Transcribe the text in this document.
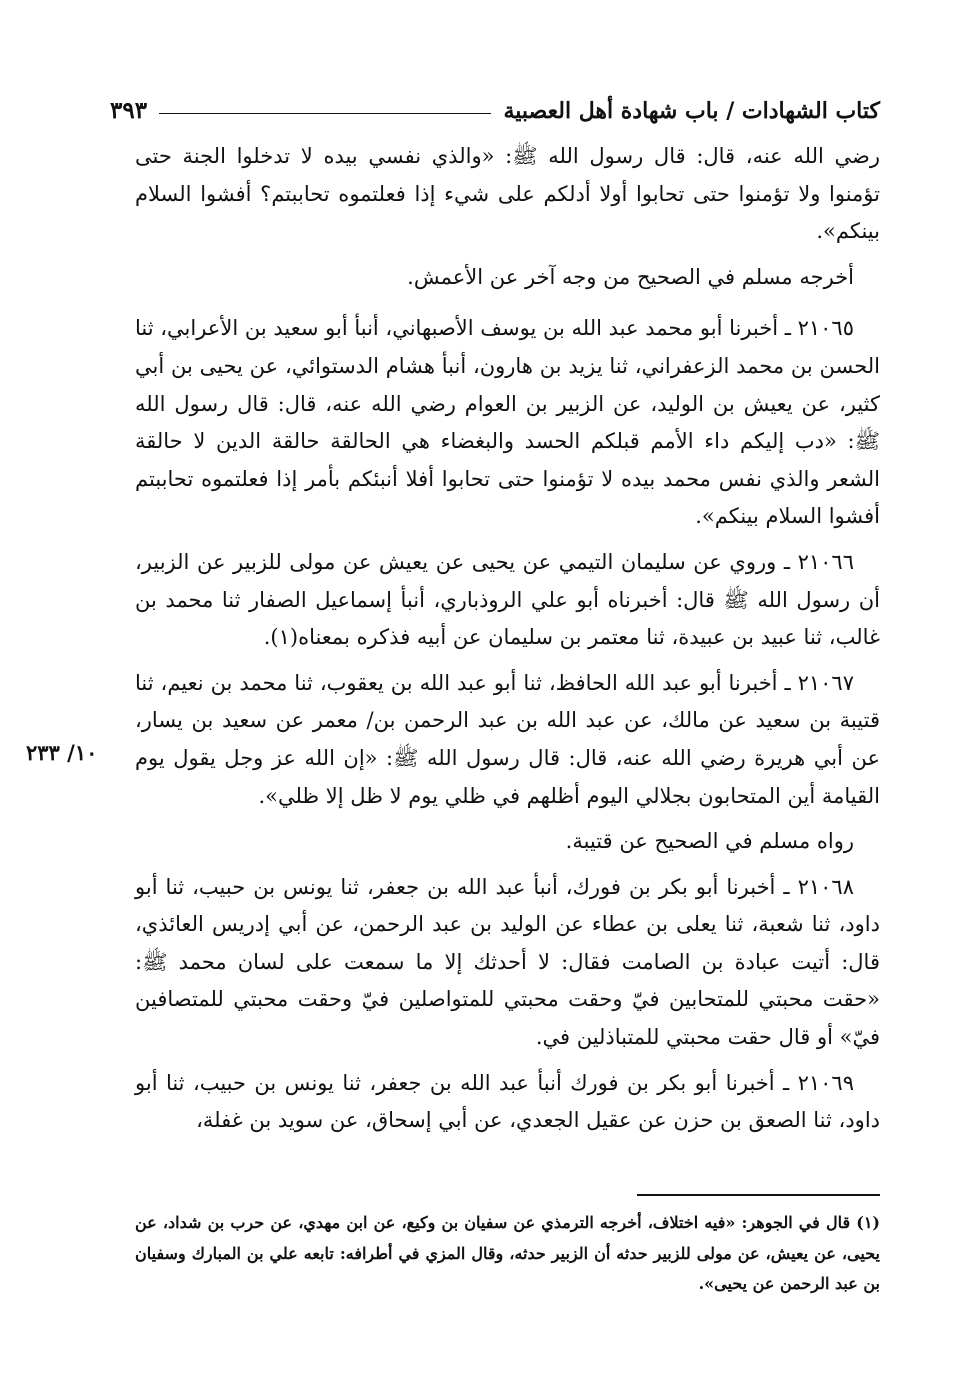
كتاب الشهادات / باب شهادة أهل العصبية
٣٩٣
١٠/ ٢٣٣

رضي الله عنه، قال: قال رسول الله ﷺ: «والذي نفسي بيده لا تدخلوا الجنة حتى تؤمنوا ولا تؤمنوا حتى تحابوا أولا أدلكم على شيء إذا فعلتموه تحاببتم؟ أفشوا السلام بينكم».

أخرجه مسلم في الصحيح من وجه آخر عن الأعمش.

٢١٠٦٥ ـ أخبرنا أبو محمد عبد الله بن يوسف الأصبهاني، أنبأ أبو سعيد بن الأعرابي، ثنا الحسن بن محمد الزعفراني، ثنا يزيد بن هارون، أنبأ هشام الدستوائي، عن يحيى بن أبي كثير، عن يعيش بن الوليد، عن الزبير بن العوام رضي الله عنه، قال: قال رسول الله ﷺ: «دب إليكم داء الأمم قبلكم الحسد والبغضاء هي الحالقة حالقة الدين لا حالقة الشعر والذي نفس محمد بيده لا تؤمنوا حتى تحابوا أفلا أنبئكم بأمر إذا فعلتموه تحاببتم أفشوا السلام بينكم».

٢١٠٦٦ ـ وروي عن سليمان التيمي عن يحيى عن يعيش عن مولى للزبير عن الزبير، أن رسول الله ﷺ قال: أخبرناه أبو علي الروذباري، أنبأ إسماعيل الصفار ثنا محمد بن غالب، ثنا عبيد بن عبيدة، ثنا معتمر بن سليمان عن أبيه فذكره بمعناه(١).

٢١٠٦٧ ـ أخبرنا أبو عبد الله الحافظ، ثنا أبو عبد الله بن يعقوب، ثنا محمد بن نعيم، ثنا قتيبة بن سعيد عن مالك، عن عبد الله بن عبد الرحمن بن/ معمر عن سعيد بن يسار، عن أبي هريرة رضي الله عنه، قال: قال رسول الله ﷺ: «إن الله عز وجل يقول يوم القيامة أين المتحابون بجلالي اليوم أظلهم في ظلي يوم لا ظل إلا ظلي».

رواه مسلم في الصحيح عن قتيبة.

٢١٠٦٨ ـ أخبرنا أبو بكر بن فورك، أنبأ عبد الله بن جعفر، ثنا يونس بن حبيب، ثنا أبو داود، ثنا شعبة، ثنا يعلى بن عطاء عن الوليد بن عبد الرحمن، عن أبي إدريس العائذي، قال: أتيت عبادة بن الصامت فقال: لا أحدثك إلا ما سمعت على لسان محمد ﷺ: «حقت محبتي للمتحابين فيّ وحقت محبتي للمتواصلين فيّ وحقت محبتي للمتصافين فيّ» أو قال حقت محبتي للمتباذلين في.

٢١٠٦٩ ـ أخبرنا أبو بكر بن فورك أنبأ عبد الله بن جعفر، ثنا يونس بن حبيب، ثنا أبو داود، ثنا الصعق بن حزن عن عقيل الجعدي، عن أبي إسحاق، عن سويد بن غفلة،

(١) قال في الجوهر: «فيه اختلاف، أخرجه الترمذي عن سفيان بن وكيع، عن ابن مهدي، عن حرب بن شداد، عن يحيى، عن يعيش، عن مولى للزبير حدثه أن الزبير حدثه، وقال المزي في أطرافه: تابعه علي بن المبارك وسفيان بن عبد الرحمن عن يحيى».
